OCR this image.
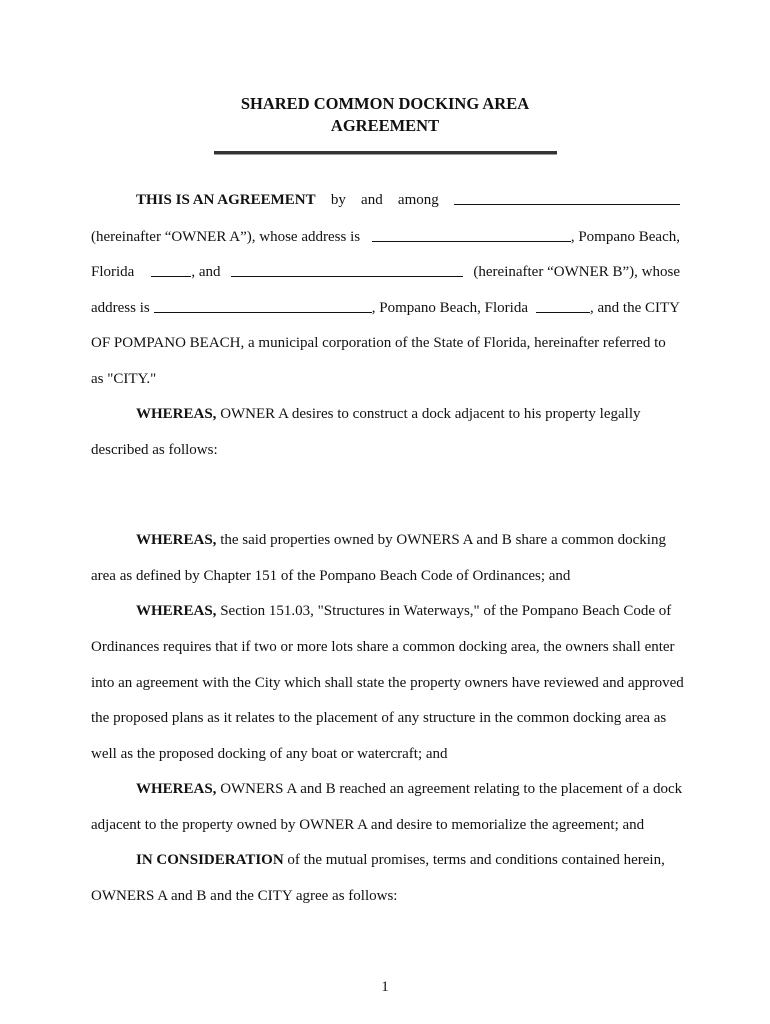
SHARED COMMON DOCKING AREA
AGREEMENT
THIS IS AN AGREEMENT by and among
(hereinafter “OWNER A”), whose address is	, Pompano Beach,
Florida	, and	(hereinafter “OWNER B”), whose
address is	, Pompano Beach, Florida	, and the CITY
OF POMPANO BEACH, a municipal corporation of the State of Florida, hereinafter referred to
as "CITY."
WHEREAS, OWNER A desires to construct a dock adjacent to his property legally
described as follows:
WHEREAS, the said properties owned by OWNERS A and B share a common docking
area as defined by Chapter 151 of the Pompano Beach Code of Ordinances; and
WHEREAS, Section 151.03, "Structures in Waterways," of the Pompano Beach Code of
Ordinances requires that if two or more lots share a common docking area, the owners shall enter
into an agreement with the City which shall state the property owners have reviewed and approved
the proposed plans as it relates to the placement of any structure in the common docking area as
well as the proposed docking of any boat or watercraft; and
WHEREAS, OWNERS A and B reached an agreement relating to the placement of a dock
adjacent to the property owned by OWNER A and desire to memorialize the agreement; and
IN CONSIDERATION of the mutual promises, terms and conditions contained herein,
OWNERS A and B and the CITY agree as follows:
1
